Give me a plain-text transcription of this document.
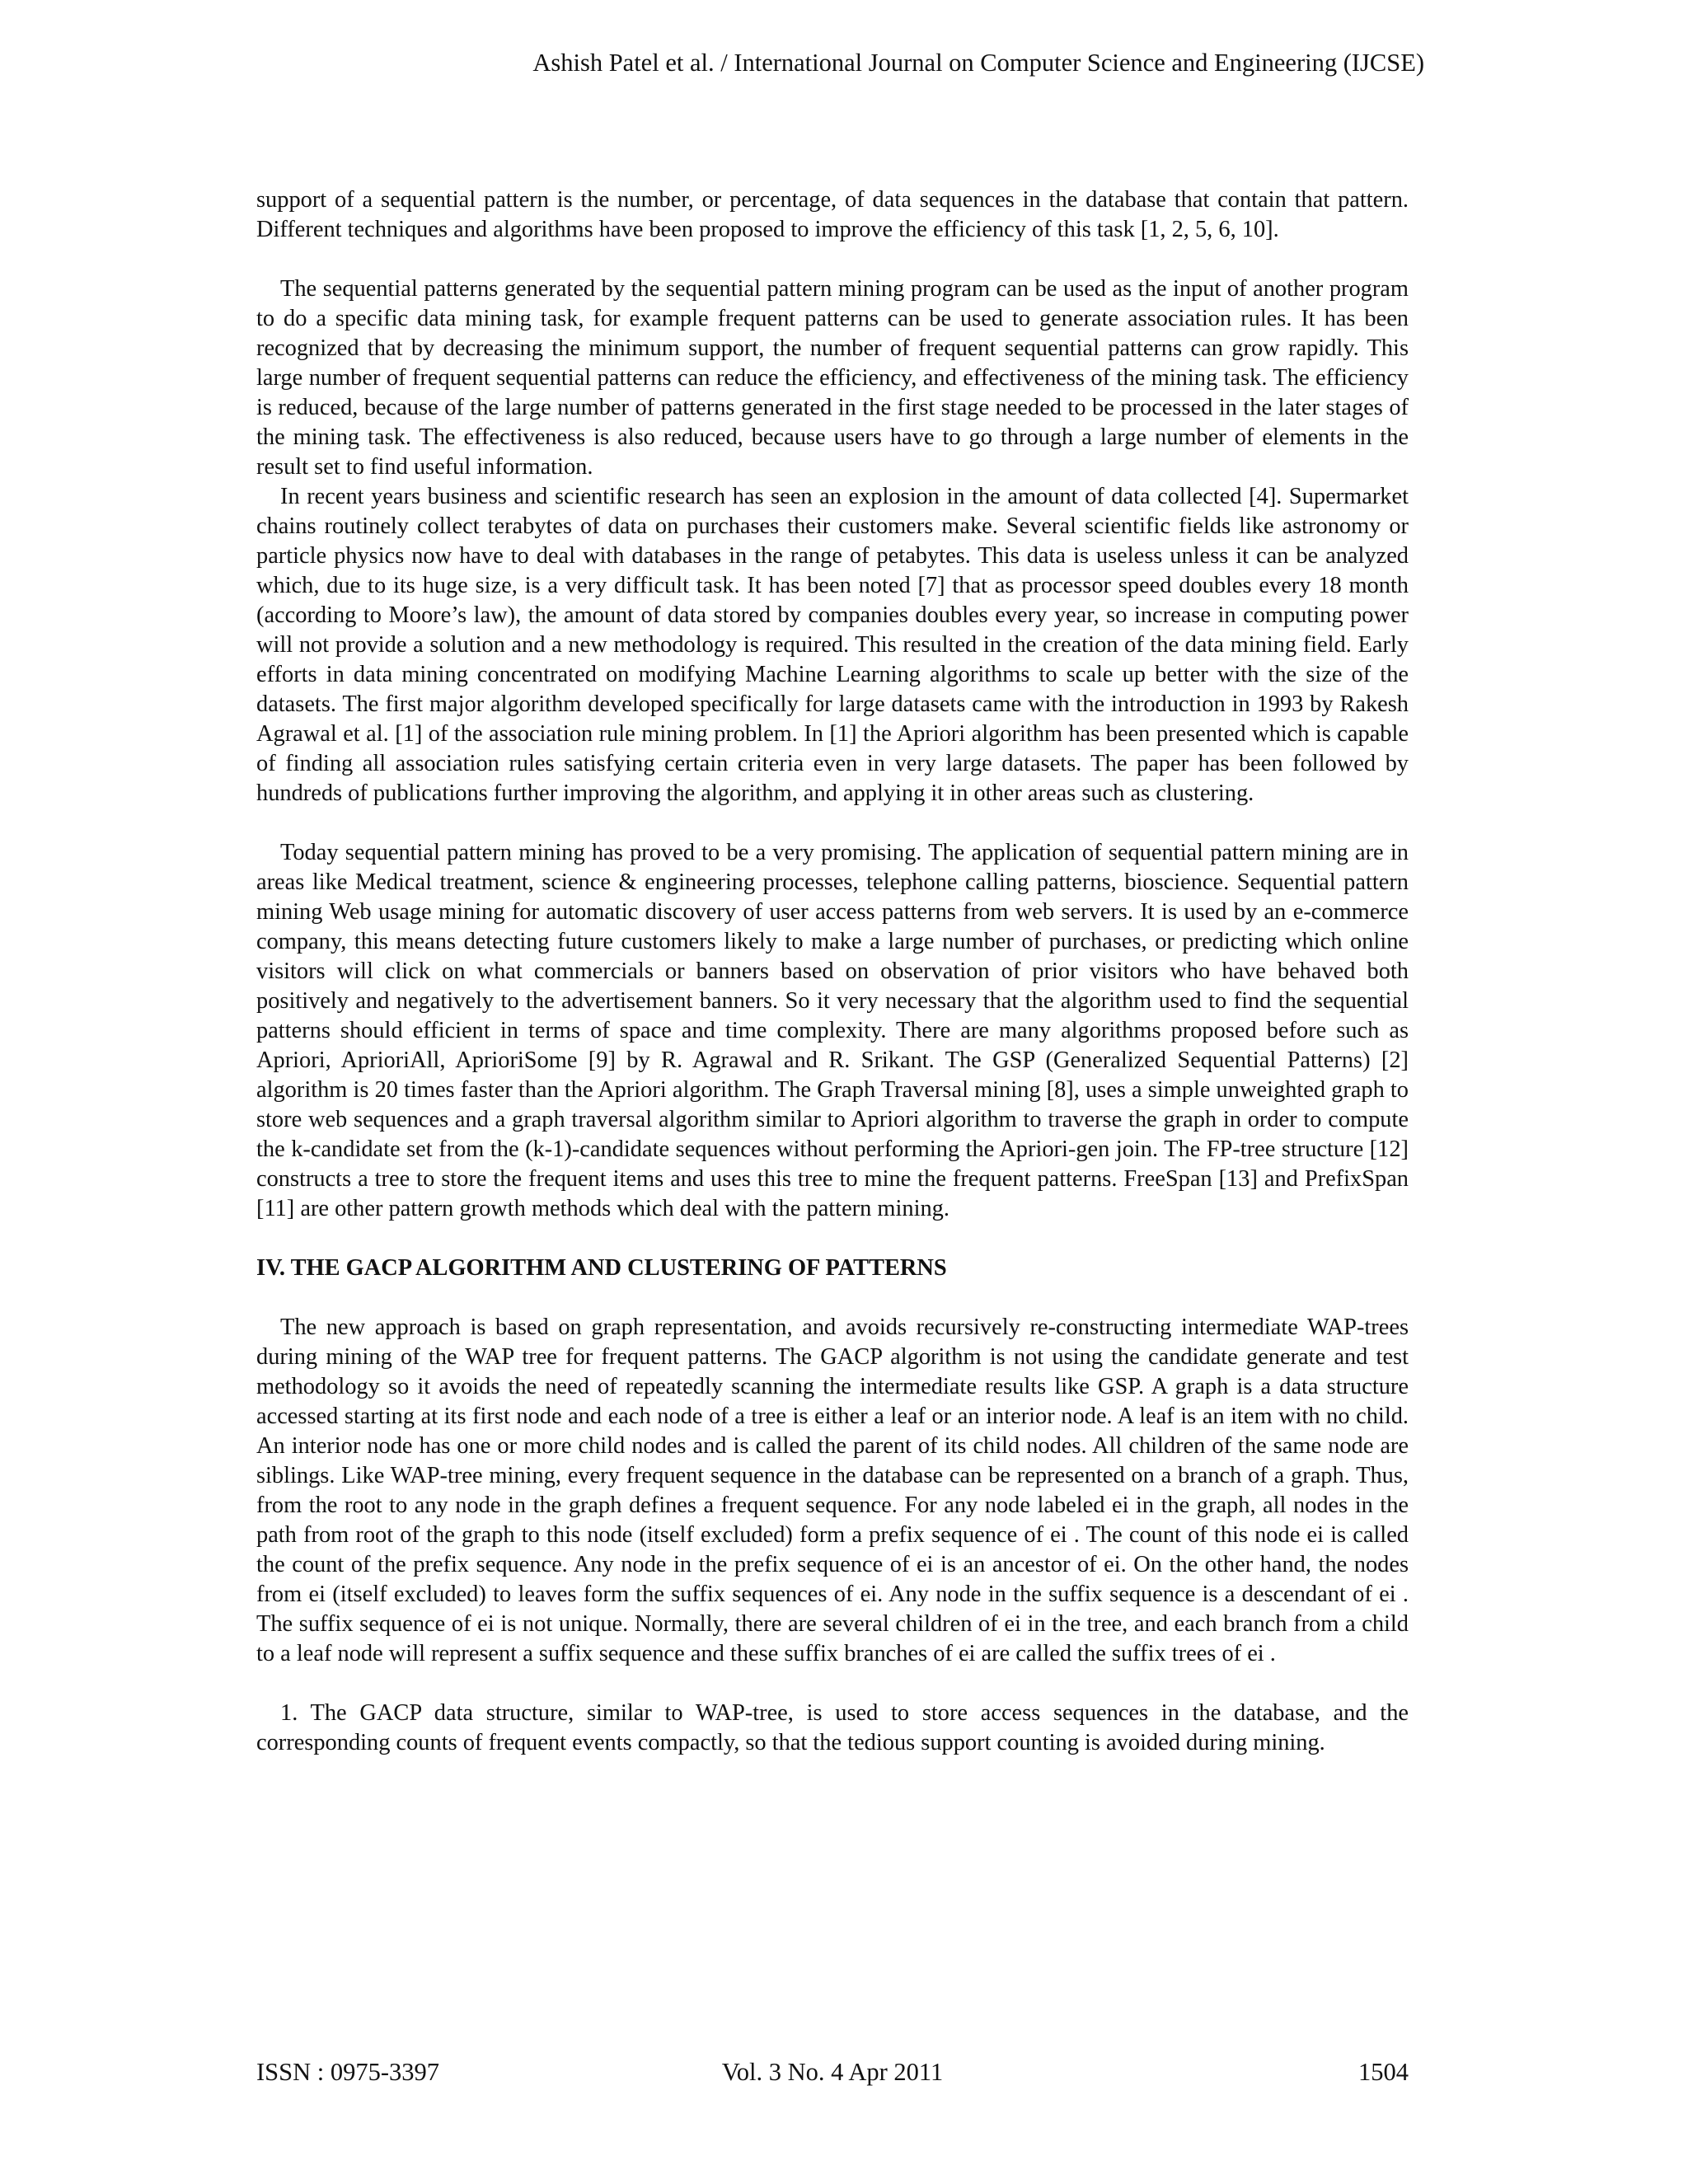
Ashish Patel et al. / International Journal on Computer Science and Engineering (IJCSE)

support of a sequential pattern is the number, or percentage, of data sequences in the database that contain that pattern. Different techniques and algorithms have been proposed to improve the efficiency of this task [1, 2, 5, 6, 10].

The sequential patterns generated by the sequential pattern mining program can be used as the input of another program to do a specific data mining task, for example frequent patterns can be used to generate association rules. It has been recognized that by decreasing the minimum support, the number of frequent sequential patterns can grow rapidly. This large number of frequent sequential patterns can reduce the efficiency, and effectiveness of the mining task. The efficiency is reduced, because of the large number of patterns generated in the first stage needed to be processed in the later stages of the mining task. The effectiveness is also reduced, because users have to go through a large number of elements in the result set to find useful information.

In recent years business and scientific research has seen an explosion in the amount of data collected [4]. Supermarket chains routinely collect terabytes of data on purchases their customers make. Several scientific fields like astronomy or particle physics now have to deal with databases in the range of petabytes. This data is useless unless it can be analyzed which, due to its huge size, is a very difficult task. It has been noted [7] that as processor speed doubles every 18 month (according to Moore’s law), the amount of data stored by companies doubles every year, so increase in computing power will not provide a solution and a new methodology is required. This resulted in the creation of the data mining field. Early efforts in data mining concentrated on modifying Machine Learning algorithms to scale up better with the size of the datasets. The first major algorithm developed specifically for large datasets came with the introduction in 1993 by Rakesh Agrawal et al. [1] of the association rule mining problem. In [1] the Apriori algorithm has been presented which is capable of finding all association rules satisfying certain criteria even in very large datasets. The paper has been followed by hundreds of publications further improving the algorithm, and applying it in other areas such as clustering.

Today sequential pattern mining has proved to be a very promising. The application of sequential pattern mining are in areas like Medical treatment, science & engineering processes, telephone calling patterns, bioscience. Sequential pattern mining Web usage mining for automatic discovery of user access patterns from web servers. It is used by an e-commerce company, this means detecting future customers likely to make a large number of purchases, or predicting which online visitors will click on what commercials or banners based on observation of prior visitors who have behaved both positively and negatively to the advertisement banners. So it very necessary that the algorithm used to find the sequential patterns should efficient in terms of space and time complexity. There are many algorithms proposed before such as Apriori, AprioriAll, AprioriSome [9] by R. Agrawal and R. Srikant. The GSP (Generalized Sequential Patterns) [2] algorithm is 20 times faster than the Apriori algorithm. The Graph Traversal mining [8], uses a simple unweighted graph to store web sequences and a graph traversal algorithm similar to Apriori algorithm to traverse the graph in order to compute the k-candidate set from the (k-1)-candidate sequences without performing the Apriori-gen join. The FP-tree structure [12] constructs a tree to store the frequent items and uses this tree to mine the frequent patterns. FreeSpan [13] and PrefixSpan [11] are other pattern growth methods which deal with the pattern mining.

IV. THE GACP ALGORITHM AND CLUSTERING OF PATTERNS

The new approach is based on graph representation, and avoids recursively re-constructing intermediate WAP-trees during mining of the WAP tree for frequent patterns. The GACP algorithm is not using the candidate generate and test methodology so it avoids the need of repeatedly scanning the intermediate results like GSP. A graph is a data structure accessed starting at its first node and each node of a tree is either a leaf or an interior node. A leaf is an item with no child. An interior node has one or more child nodes and is called the parent of its child nodes. All children of the same node are siblings. Like WAP-tree mining, every frequent sequence in the database can be represented on a branch of a graph. Thus, from the root to any node in the graph defines a frequent sequence. For any node labeled ei in the graph, all nodes in the path from root of the graph to this node (itself excluded) form a prefix sequence of ei . The count of this node ei is called the count of the prefix sequence. Any node in the prefix sequence of ei is an ancestor of ei. On the other hand, the nodes from ei (itself excluded) to leaves form the suffix sequences of ei. Any node in the suffix sequence is a descendant of ei . The suffix sequence of ei is not unique. Normally, there are several children of ei in the tree, and each branch from a child to a leaf node will represent a suffix sequence and these suffix branches of ei are called the suffix trees of ei .

1. The GACP data structure, similar to WAP-tree, is used to store access sequences in the database, and the corresponding counts of frequent events compactly, so that the tedious support counting is avoided during mining.

ISSN : 0975-3397	Vol. 3 No. 4 Apr 2011	1504
